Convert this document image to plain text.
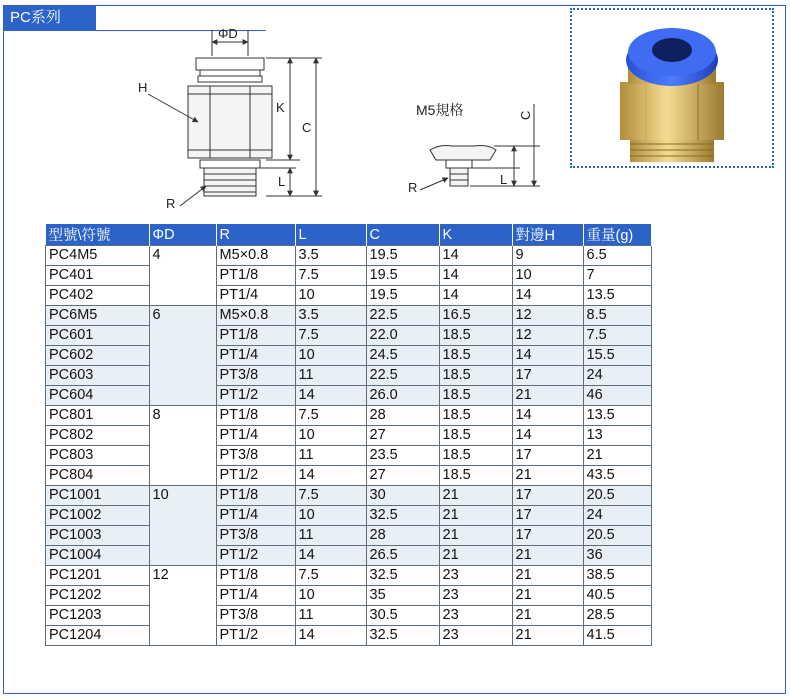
PC系列
ΦD
H
K
C
L
R
C
L
R
M5規格
型號\符號	ΦD	R	L	C	K	對邊H	重量(g)
PC4M5	4	M5×0.8	3.5	19.5	14	9	6.5
PC401		PT1/8	7.5	19.5	14	10	7
PC402		PT1/4	10	19.5	14	14	13.5
PC6M5	6	M5×0.8	3.5	22.5	16.5	12	8.5
PC601		PT1/8	7.5	22.0	18.5	12	7.5
PC602		PT1/4	10	24.5	18.5	14	15.5
PC603		PT3/8	11	22.5	18.5	17	24
PC604		PT1/2	14	26.0	18.5	21	46
PC801	8	PT1/8	7.5	28	18.5	14	13.5
PC802		PT1/4	10	27	18.5	14	13
PC803		PT3/8	11	23.5	18.5	17	21
PC804		PT1/2	14	27	18.5	21	43.5
PC1001	10	PT1/8	7.5	30	21	17	20.5
PC1002		PT1/4	10	32.5	21	17	24
PC1003		PT3/8	11	28	21	17	20.5
PC1004		PT1/2	14	26.5	21	21	36
PC1201	12	PT1/8	7.5	32.5	23	21	38.5
PC1202		PT1/4	10	35	23	21	40.5
PC1203		PT3/8	11	30.5	23	21	28.5
PC1204		PT1/2	14	32.5	23	21	41.5
